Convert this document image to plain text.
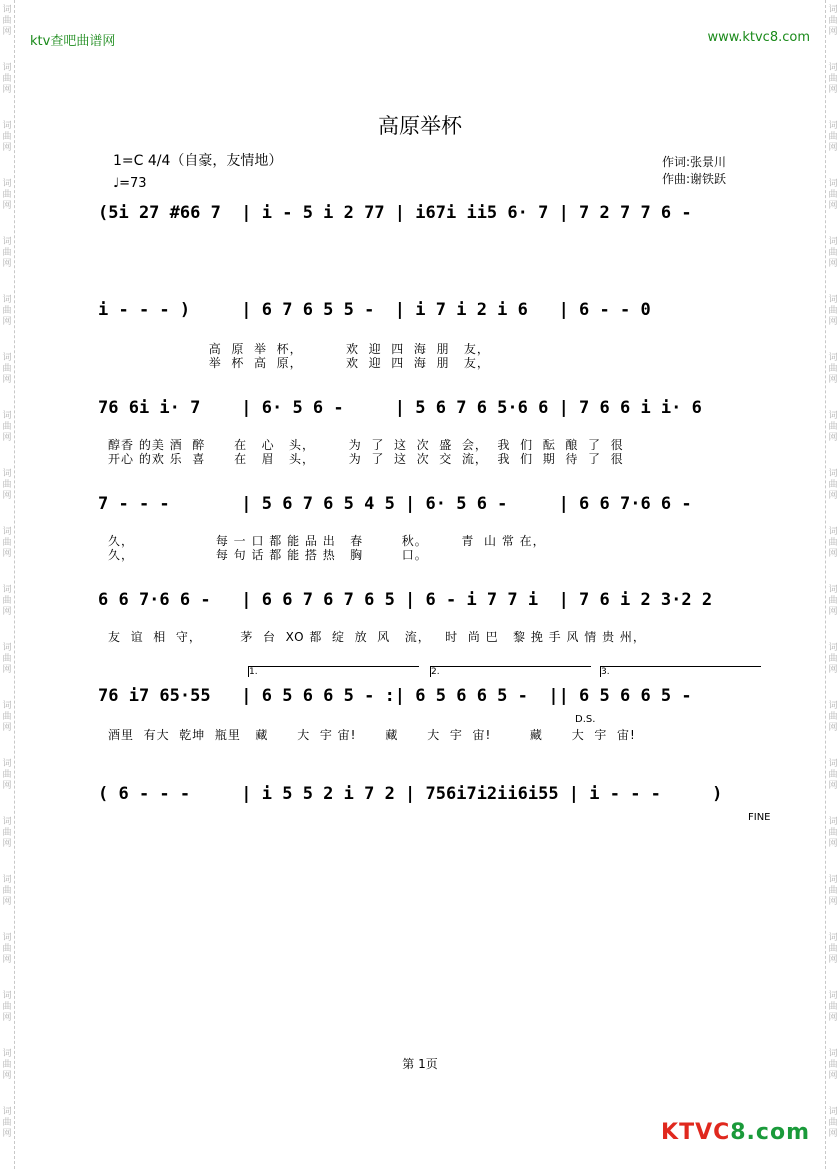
词
曲
网
词
曲
网
词
曲
网
词
曲
网
词
曲
网
词
曲
网
词
曲
网
词
曲
网
词
曲
网
词
曲
网
词
曲
网
词
曲
网
词
曲
网
词
曲
网
词
曲
网
词
曲
网
词
曲
网
词
曲
网
词
曲
网
词
曲
网
词
曲
网
词
曲
网
词
曲
网
词
曲
网
词
曲
网
词
曲
网
词
曲
网
词
曲
网
词
曲
网
词
曲
网
词
曲
网
词
曲
网
词
曲
网
词
曲
网
词
曲
网
词
曲
网
词
曲
网
词
曲
网
词
曲
网
词
曲
网
ktv查吧曲谱网	www.ktvc8.com
高原举杯
1=C 4/4（自豪，友情地）
♩=73
作词:张景川
作曲:谢铁跃
(5i 27 #66 7  | i - 5 i 2 77 | i67i ii5 6· 7 | 7 2 7 7 6 -
i - - - )     | 6 7 6 5 5 -  | i 7 i 2 i 6   | 6 - - 0
高  原  举  杯，         欢  迎  四  海  朋   友，
举  杯  高  原，         欢  迎  四  海  朋   友，
76 6i i· 7    | 6· 5 6 -     | 5 6 7 6 5·6 6 | 7 6 6 i i· 6
醇香 的美 酒  醉      在   心   头，       为  了  这  次  盛  会，  我  们  酝  酿  了  很
开心 的欢 乐  喜      在   眉   头，       为  了  这  次  交  流，  我  们  期  待  了  很
7 - - -       | 5 6 7 6 5 4 5 | 6· 5 6 -     | 6 6 7·6 6 -
久，                 每 一 口 都 能 品 出   春        秋。       青  山 常 在，
久，                 每 句 话 都 能 搭 热   胸        口。
6 6 7·6 6 -   | 6 6 7 6 7 6 5 | 6 - i 7 7 i  | 7 6 i 2 3·2 2
友  谊  相  守，        茅  台  XO 都  绽  放  风   流，   时  尚 巴   黎 挽 手 风 情 贵 州，
1.	2.	3.
76 i7 65·55   | 6 5 6 6 5 - :| 6 5 6 6 5 -  || 6 5 6 6 5 -
D.S.
酒里  有大  乾坤  瓶里   藏      大  宇 宙!      藏      大  宇  宙!        藏      大  宇  宙!
( 6 - - -     | i 5 5 2 i 7 2 | 756i7i2ii6i55 | i - - -     )
FINE
第 1页
KTVC8.com
